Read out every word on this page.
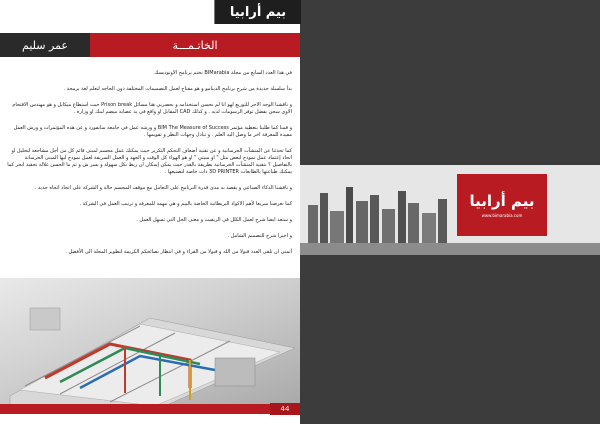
بيم أرابيا
عمر سليم	الخاتـمـــة

في هذا العدد السابع من مجلة BIMarabia نختم برنامج الاوتوديسك

بدأ سلسلة جديدة من شرح برنامج الدينامو و هو مفتاح لعمل التصميمات المختلفة دون الحاجه لتعلم لغة برمجة .

و ناقشنا الوجه الاخر للتوريع لهو انا لم نحسن استخدامه و يحصرني هنا مسائل Prison break حيث استطاع ميكايل و هو مهندس الاقتحام الاوى سجن بفضل توفر الرسومات لديه . و كذلك CAD المقابل او واقع في يد عصابة ميضم لبنك او وزارة .

و قمنا كما طلبنا بتغطية مؤتمر BIM The Measure of Success و ورشة عمل في جامعة سانفورد و عن هذه المؤتمرات و ورش العمل مفيدة للمعرفة اخر ما وصل اليه العلم . و تبادل وجهات النظر و تقويمها .

كما تحدثنا عن المنشآت الخرسانية و عن تقنية أضعاف التحكم التكرير حيث يمكنك عمل مجسم لمبنى قائم كل من أجل مشاجعة لتحليل او اتحاد إعتماد عمل نموذج لبعض مثل " او سيتي " او هو الهواء كل الوقت و الجهد و العمل السريفة لعمل نموذج ليها المبنى الخرسانة بالتفاصيل ؟ بتقنية المنشآت الخرسانية بطريقة بالقدر حيث يمكن إسكان ان ربط بكل سهولة و بسر ش و ثم ما الحسن غلالة تحقيد ابحر كما يمكنك طباعتها بالطابعات 3D PRINTER ذات خاصة لتصنيعها .

و ناقشنا الذكاء الصناعي و يقصد به مدى قدرة البرنامج على التعامل مع موقف المجسم حالة و الشركة على اتخاذ اتجاه جديد .

كما تعرضنا سريعا لأهم الاكواد البريطانية الخاصة بالبيم و هي مهمة للمعرفة و ترتيب العمل في الشركة .

و ستعد ايضا شرح لعمل الكلل في الريفيت و معنى الحل التي تسهل العمل .

و اخيرا شرح للتصميم الشامل .

أتمنى ان تلقى العدد قبولا من الله و قبولا من القراء و في انتظار نصائحكم الكريمة لتطوير المجلة الى الأفضل .

44
بيم أرابيا
www.bimarabia.com
